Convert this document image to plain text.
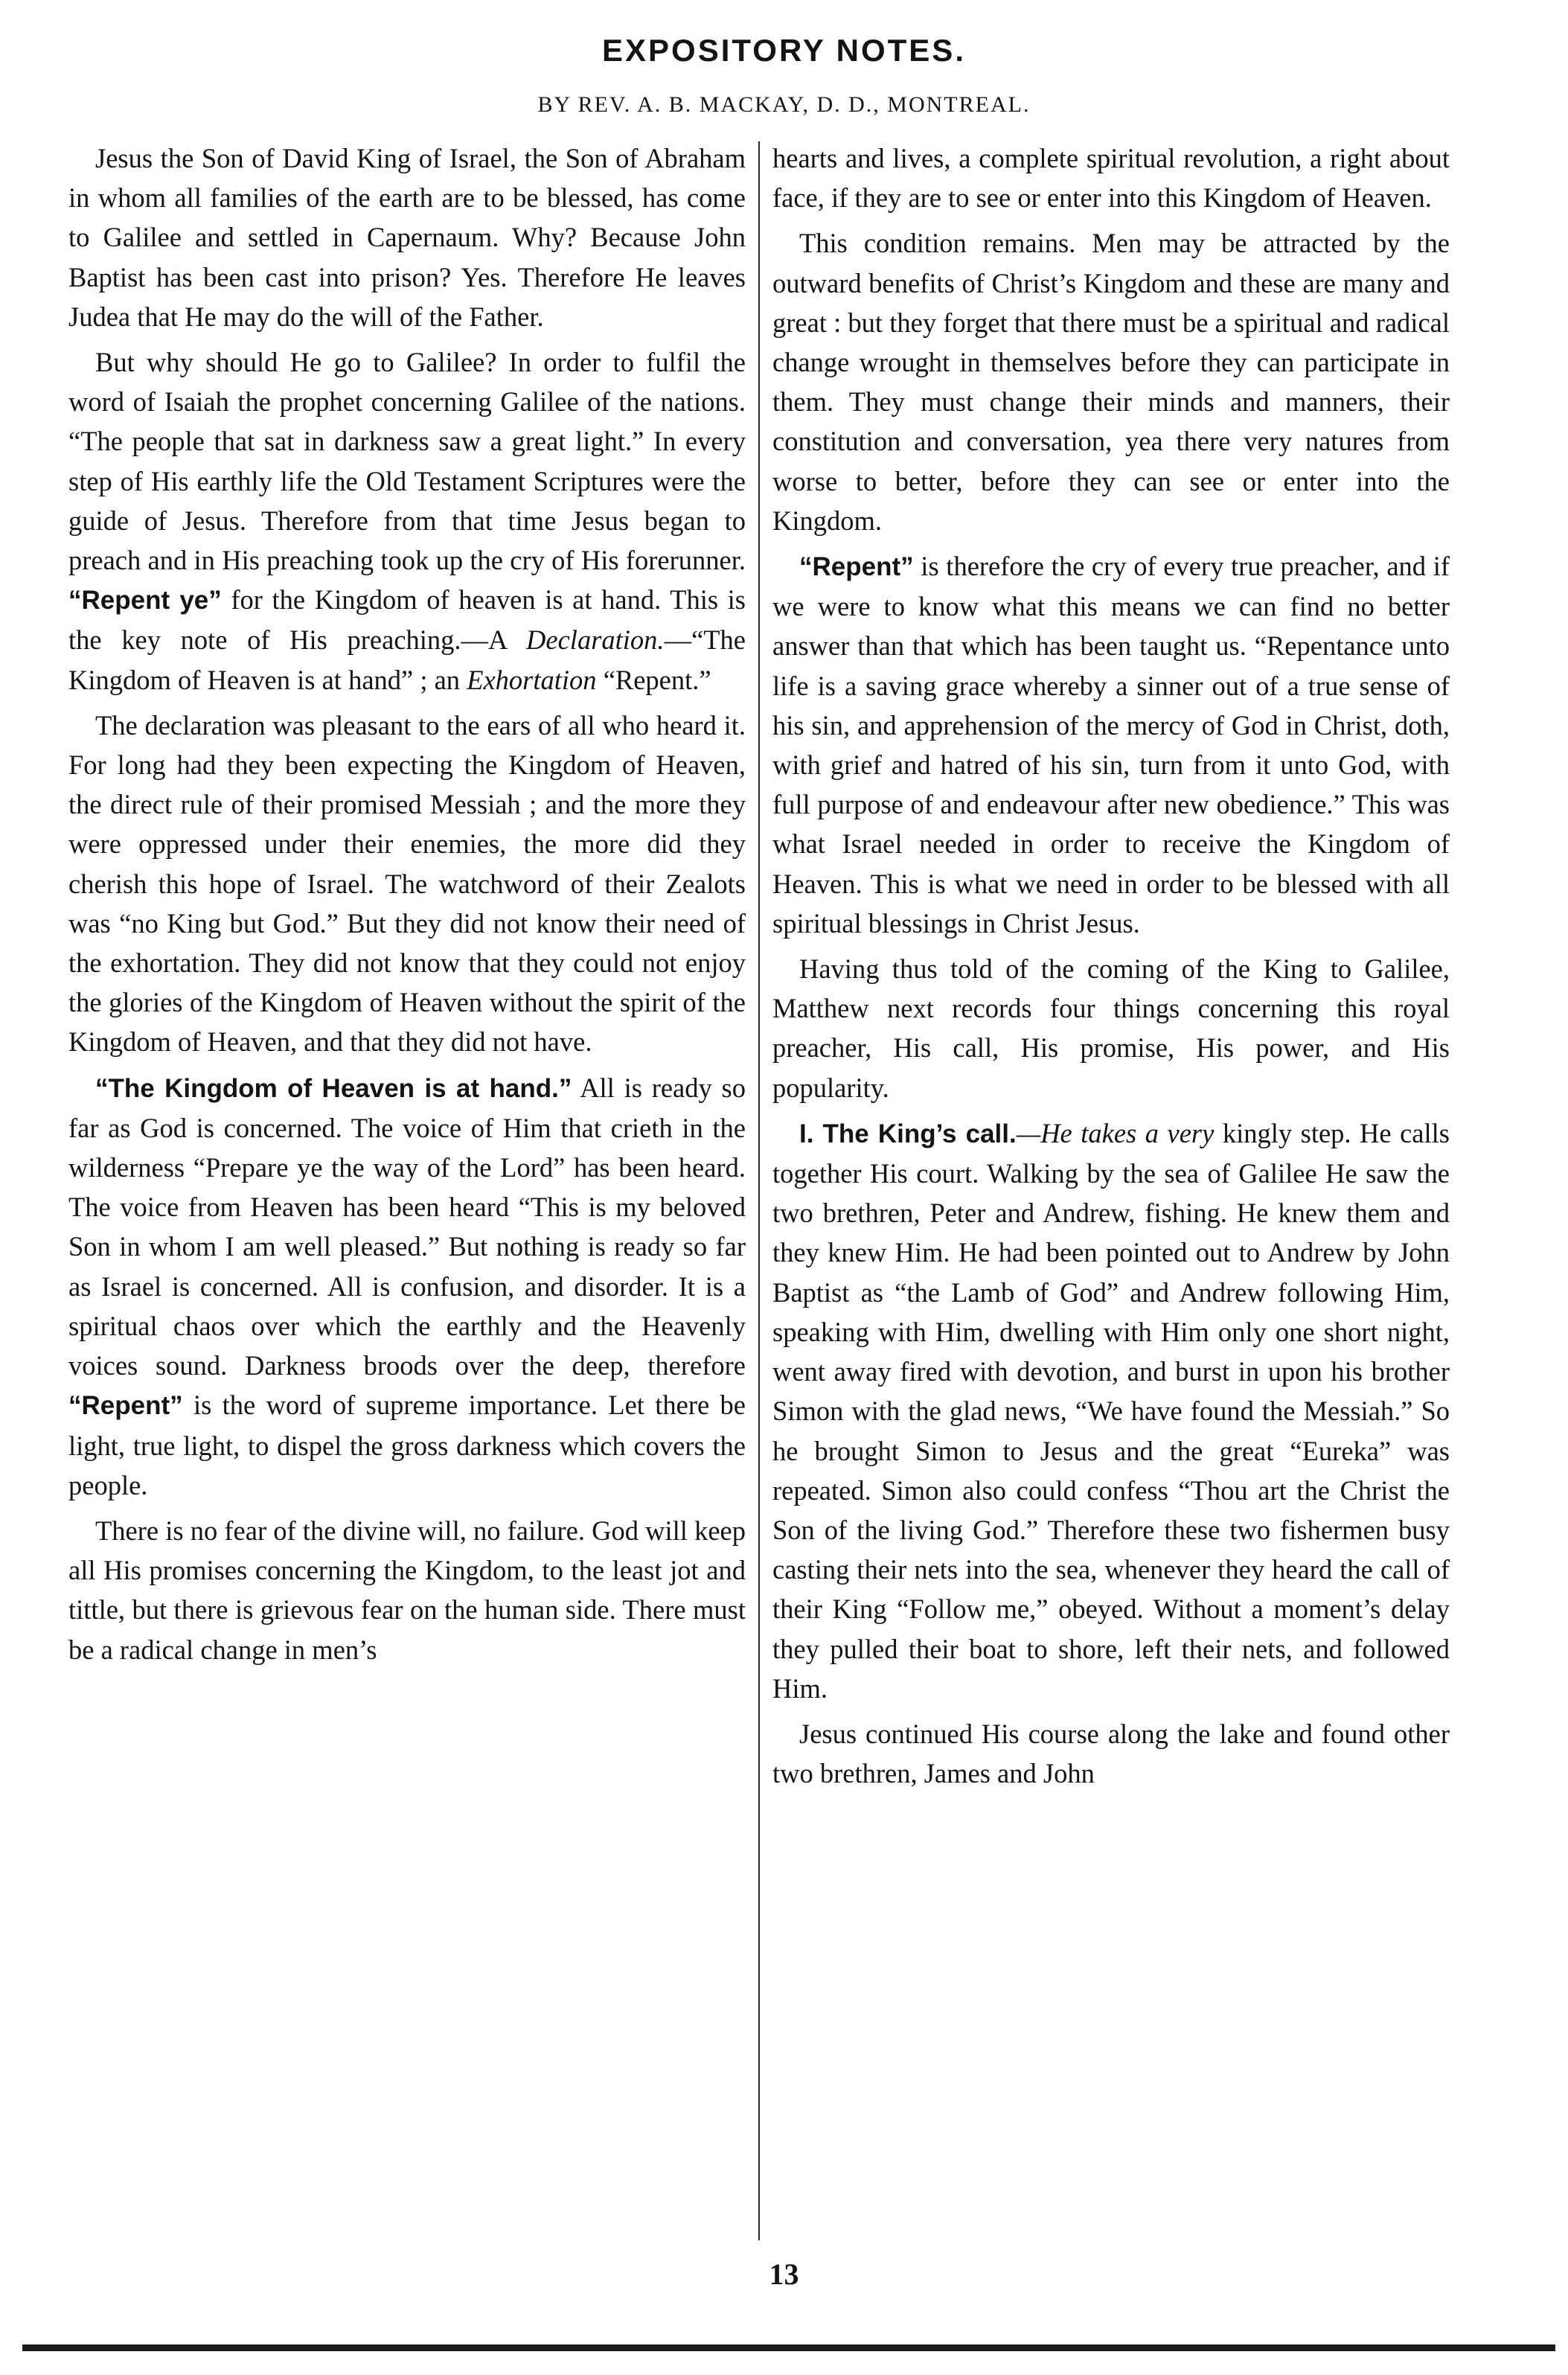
EXPOSITORY NOTES.

BY REV. A. B. MACKAY, D. D., MONTREAL.

Jesus the Son of David King of Israel, the Son of Abraham in whom all families of the earth are to be blessed, has come to Galilee and settled in Capernaum. Why? Because John Baptist has been cast into prison? Yes. Therefore He leaves Judea that He may do the will of the Father.

But why should He go to Galilee? In order to fulfil the word of Isaiah the prophet concerning Galilee of the nations. “The people that sat in darkness saw a great light.” In every step of His earthly life the Old Testament Scriptures were the guide of Jesus. Therefore from that time Jesus began to preach and in His preaching took up the cry of His forerunner. “Repent ye” for the Kingdom of heaven is at hand. This is the key note of His preaching.—A Declaration.—“The Kingdom of Heaven is at hand” ; an Exhortation “Repent.”

The declaration was pleasant to the ears of all who heard it. For long had they been expecting the Kingdom of Heaven, the direct rule of their promised Messiah ; and the more they were oppressed under their enemies, the more did they cherish this hope of Israel. The watchword of their Zealots was “no King but God.” But they did not know their need of the exhortation. They did not know that they could not enjoy the glories of the Kingdom of Heaven without the spirit of the Kingdom of Heaven, and that they did not have.

“The Kingdom of Heaven is at hand.” All is ready so far as God is concerned. The voice of Him that crieth in the wilderness “Prepare ye the way of the Lord” has been heard. The voice from Heaven has been heard “This is my beloved Son in whom I am well pleased.” But nothing is ready so far as Israel is concerned. All is confusion, and disorder. It is a spiritual chaos over which the earthly and the Heavenly voices sound. Darkness broods over the deep, therefore “Repent” is the word of supreme importance. Let there be light, true light, to dispel the gross darkness which covers the people.

There is no fear of the divine will, no failure. God will keep all His promises concerning the Kingdom, to the least jot and tittle, but there is grievous fear on the human side. There must be a radical change in men’s

hearts and lives, a complete spiritual revolution, a right about face, if they are to see or enter into this Kingdom of Heaven.

This condition remains. Men may be attracted by the outward benefits of Christ’s Kingdom and these are many and great : but they forget that there must be a spiritual and radical change wrought in themselves before they can participate in them. They must change their minds and manners, their constitution and conversation, yea there very natures from worse to better, before they can see or enter into the Kingdom.

“Repent” is therefore the cry of every true preacher, and if we were to know what this means we can find no better answer than that which has been taught us. “Repentance unto life is a saving grace whereby a sinner out of a true sense of his sin, and apprehension of the mercy of God in Christ, doth, with grief and hatred of his sin, turn from it unto God, with full purpose of and endeavour after new obedience.” This was what Israel needed in order to receive the Kingdom of Heaven. This is what we need in order to be blessed with all spiritual blessings in Christ Jesus.

Having thus told of the coming of the King to Galilee, Matthew next records four things concerning this royal preacher, His call, His promise, His power, and His popularity.

I. The King’s call.—He takes a very kingly step. He calls together His court. Walking by the sea of Galilee He saw the two brethren, Peter and Andrew, fishing. He knew them and they knew Him. He had been pointed out to Andrew by John Baptist as “the Lamb of God” and Andrew following Him, speaking with Him, dwelling with Him only one short night, went away fired with devotion, and burst in upon his brother Simon with the glad news, “We have found the Messiah.” So he brought Simon to Jesus and the great “Eureka” was repeated. Simon also could confess “Thou art the Christ the Son of the living God.” Therefore these two fishermen busy casting their nets into the sea, whenever they heard the call of their King “Follow me,” obeyed. Without a moment’s delay they pulled their boat to shore, left their nets, and followed Him.

Jesus continued His course along the lake and found other two brethren, James and John

13
